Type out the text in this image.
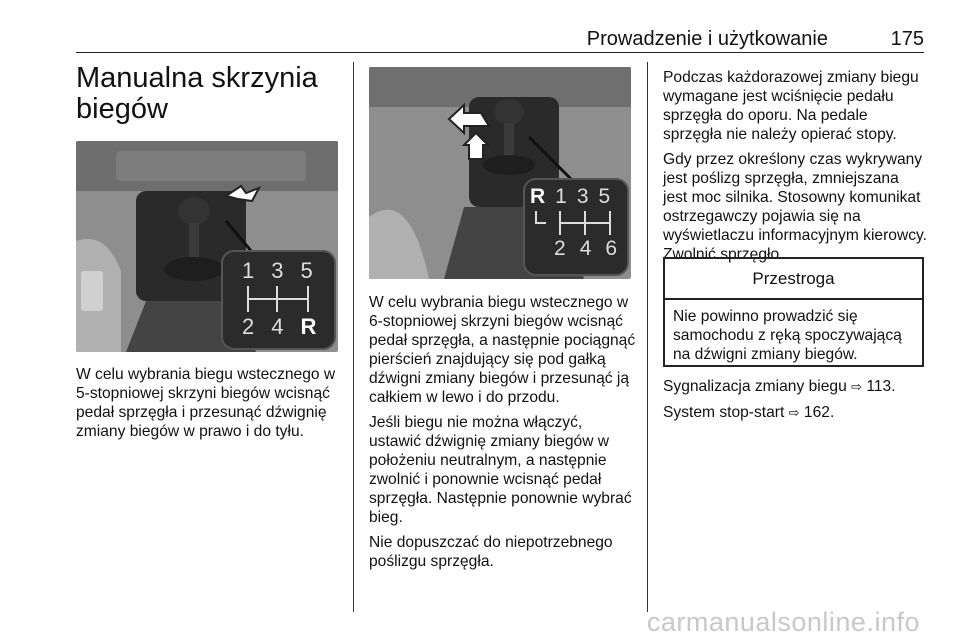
Prowadzenie i użytkowanie	175
Manualna skrzynia
biegów
1 3 5
2 4 R
R 1 3 5
2 4 6

W celu wybrania biegu wstecznego w 5-stopniowej skrzyni biegów wcisnąć pedał sprzęgła i przesunąć dźwignię zmiany biegów w prawo i do tyłu.

W celu wybrania biegu wstecznego w 6-stopniowej skrzyni biegów wcisnąć pedał sprzęgła, a następnie pociągnąć pierścień znajdujący się pod gałką dźwigni zmiany biegów i przesunąć ją całkiem w lewo i do przodu.

Jeśli biegu nie można włączyć, ustawić dźwignię zmiany biegów w położeniu neutralnym, a następnie zwolnić i ponownie wcisnąć pedał sprzęgła. Następnie ponownie wybrać bieg.

Nie dopuszczać do niepotrzebnego poślizgu sprzęgła.

Podczas każdorazowej zmiany biegu wymagane jest wciśnięcie pedału sprzęgła do oporu. Na pedale sprzęgła nie należy opierać stopy.

Gdy przez określony czas wykrywany jest poślizg sprzęgła, zmniejszana jest moc silnika. Stosowny komunikat ostrzegawczy pojawia się na wyświetlaczu informacyjnym kierowcy. Zwolnić sprzęgło.

Przestroga
Nie powinno prowadzić się samochodu z ręką spoczywającą na dźwigni zmiany biegów.

Sygnalizacja zmiany biegu ⇨ 113.

System stop-start ⇨ 162.

carmanualsonline.info
